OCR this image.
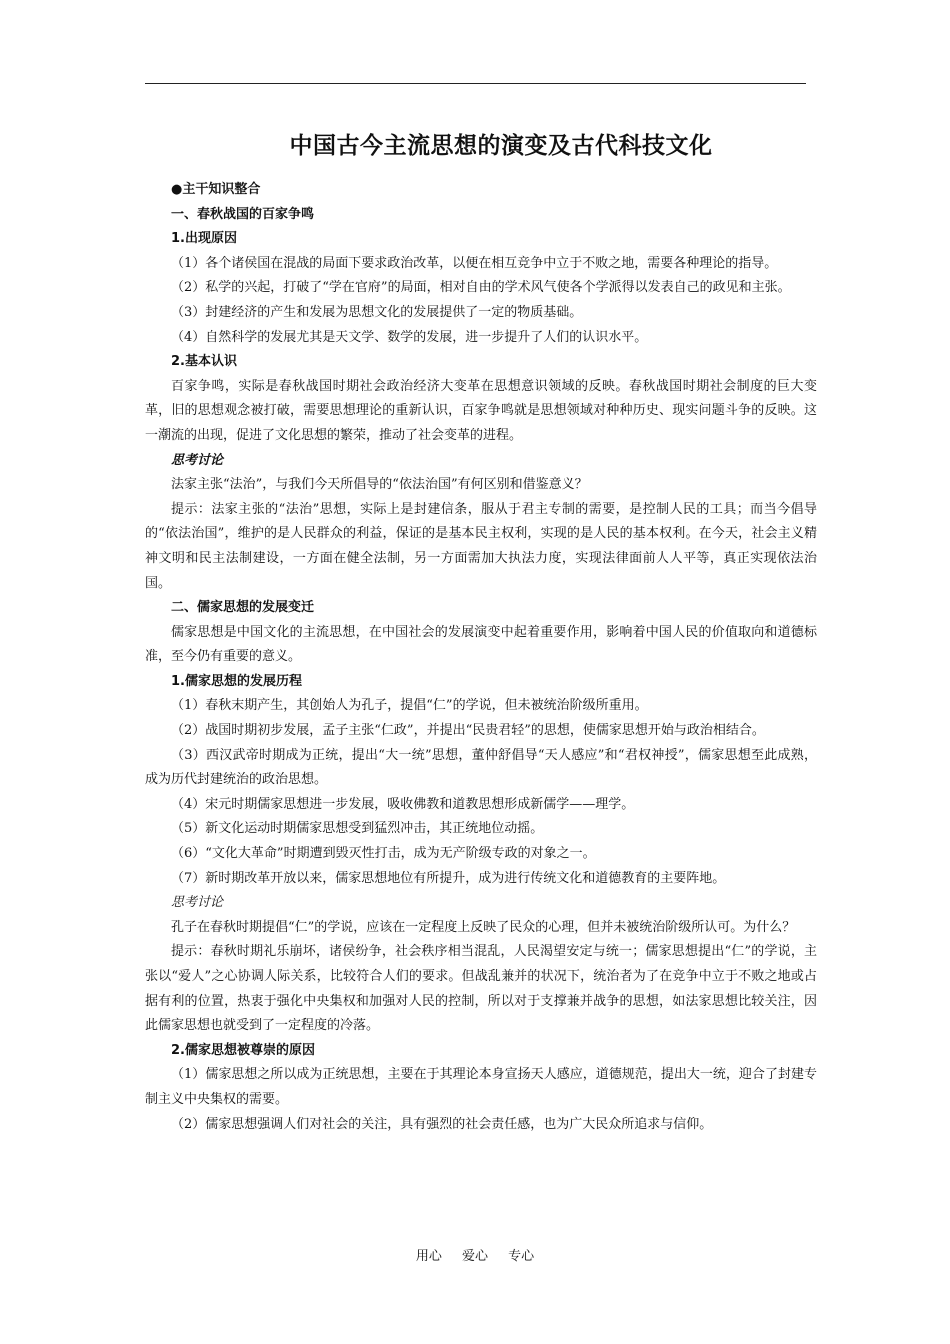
中国古今主流思想的演变及古代科技文化

●主干知识整合

一、春秋战国的百家争鸣

1.出现原因

（1）各个诸侯国在混战的局面下要求政治改革，以便在相互竞争中立于不败之地，需要各种理论的指导。

（2）私学的兴起，打破了“学在官府”的局面，相对自由的学术风气使各个学派得以发表自己的政见和主张。

（3）封建经济的产生和发展为思想文化的发展提供了一定的物质基础。

（4）自然科学的发展尤其是天文学、数学的发展，进一步提升了人们的认识水平。

2.基本认识

百家争鸣，实际是春秋战国时期社会政治经济大变革在思想意识领域的反映。春秋战国时期社会制度的巨大变革，旧的思想观念被打破，需要思想理论的重新认识，百家争鸣就是思想领域对种种历史、现实问题斗争的反映。这一潮流的出现，促进了文化思想的繁荣，推动了社会变革的进程。

思考讨论

法家主张“法治”，与我们今天所倡导的“依法治国”有何区别和借鉴意义？

提示：法家主张的“法治”思想，实际上是封建信条，服从于君主专制的需要，是控制人民的工具；而当今倡导的“依法治国”，维护的是人民群众的利益，保证的是基本民主权利，实现的是人民的基本权利。在今天，社会主义精神文明和民主法制建设，一方面在健全法制，另一方面需加大执法力度，实现法律面前人人平等，真正实现依法治国。

二、儒家思想的发展变迁

儒家思想是中国文化的主流思想，在中国社会的发展演变中起着重要作用，影响着中国人民的价值取向和道德标准，至今仍有重要的意义。

1.儒家思想的发展历程

（1）春秋末期产生，其创始人为孔子，提倡“仁”的学说，但未被统治阶级所重用。

（2）战国时期初步发展，孟子主张“仁政”，并提出“民贵君轻”的思想，使儒家思想开始与政治相结合。

（3）西汉武帝时期成为正统，提出“大一统”思想，董仲舒倡导“天人感应”和“君权神授”，儒家思想至此成熟，成为历代封建统治的政治思想。

（4）宋元时期儒家思想进一步发展，吸收佛教和道教思想形成新儒学——理学。

（5）新文化运动时期儒家思想受到猛烈冲击，其正统地位动摇。

（6）“文化大革命”时期遭到毁灭性打击，成为无产阶级专政的对象之一。

（7）新时期改革开放以来，儒家思想地位有所提升，成为进行传统文化和道德教育的主要阵地。

思考讨论

孔子在春秋时期提倡“仁”的学说，应该在一定程度上反映了民众的心理，但并未被统治阶级所认可。为什么？

提示：春秋时期礼乐崩坏，诸侯纷争，社会秩序相当混乱，人民渴望安定与统一；儒家思想提出“仁”的学说，主张以“爱人”之心协调人际关系，比较符合人们的要求。但战乱兼并的状况下，统治者为了在竞争中立于不败之地或占据有利的位置，热衷于强化中央集权和加强对人民的控制，所以对于支撑兼并战争的思想，如法家思想比较关注，因此儒家思想也就受到了一定程度的冷落。

2.儒家思想被尊崇的原因

（1）儒家思想之所以成为正统思想，主要在于其理论本身宣扬天人感应，道德规范，提出大一统，迎合了封建专制主义中央集权的需要。

（2）儒家思想强调人们对社会的关注，具有强烈的社会责任感，也为广大民众所追求与信仰。

用心 爱心 专心
